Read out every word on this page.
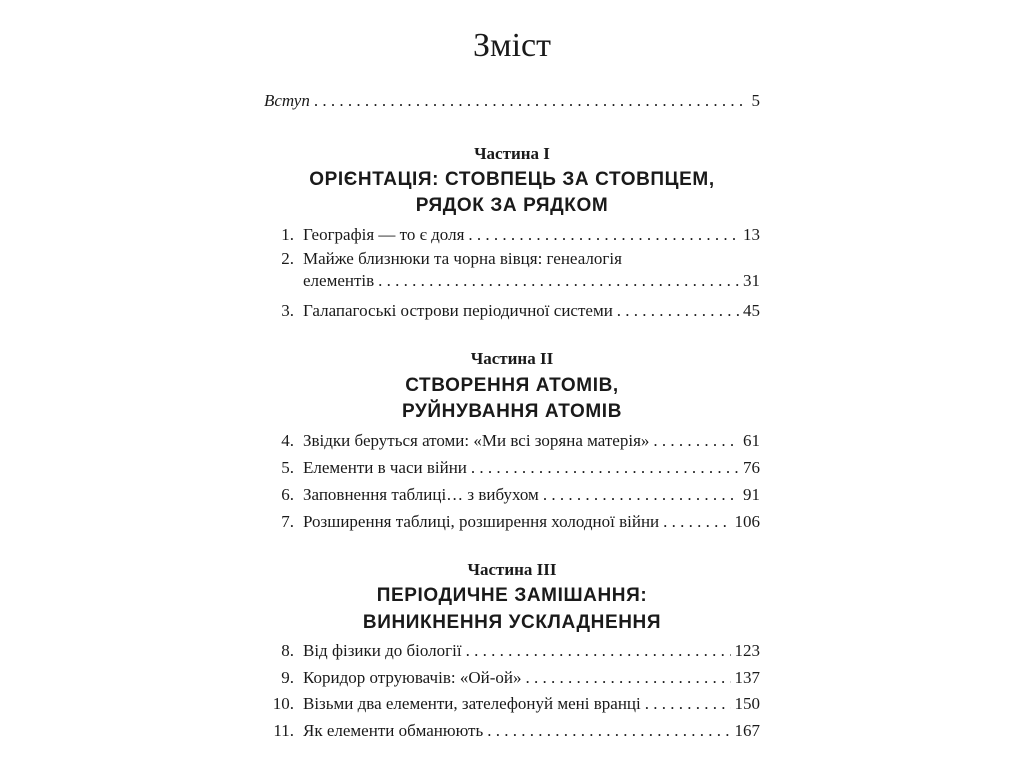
Зміст
Вступ . . .	5
Частина I
ОРІЄНТАЦІЯ: СТОВПЕЦЬ ЗА СТОВПЦЕМ,
РЯДОК ЗА РЯДКОМ
1. Географія — то є доля . . .	13
2. Майже близнюки та чорна вівця: генеалогія
елементів . . .	31
3. Галапагоські острови періодичної системи . . .	45
Частина II
СТВОРЕННЯ АТОМІВ,
РУЙНУВАННЯ АТОМІВ
4. Звідки беруться атоми: «Ми всі зоряна матерія» . . .	61
5. Елементи в часи війни . . .	76
6. Заповнення таблиці… з вибухом . . .	91
7. Розширення таблиці, розширення холодної війни . . .	106
Частина III
ПЕРІОДИЧНЕ ЗАМІШАННЯ:
ВИНИКНЕННЯ УСКЛАДНЕННЯ
8. Від фізики до біології . . .	123
9. Коридор отруювачів: «Ой-ой» . . .	137
10. Візьми два елементи, зателефонуй мені вранці . . .	150
11. Як елементи обманюють . . .	167
